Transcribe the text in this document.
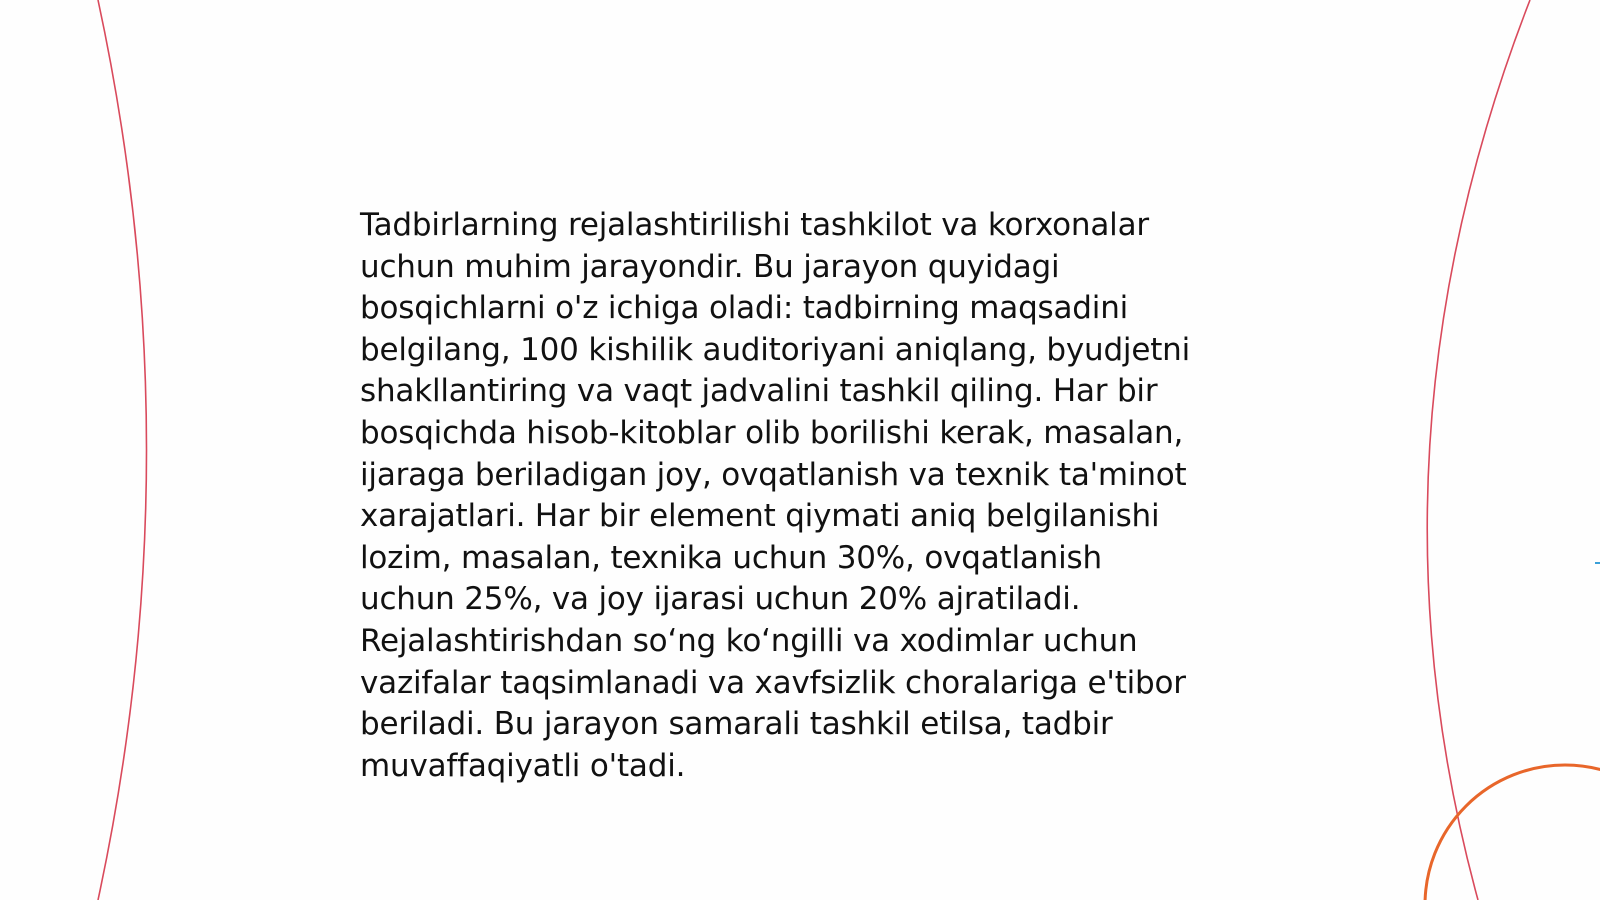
Tadbirlarning rejalashtirilishi tashkilot va korxonalar
uchun muhim jarayondir. Bu jarayon quyidagi
bosqichlarni o'z ichiga oladi: tadbirning maqsadini
belgilang, 100 kishilik auditoriyani aniqlang, byudjetni
shakllantiring va vaqt jadvalini tashkil qiling. Har bir
bosqichda hisob-kitoblar olib borilishi kerak, masalan,
ijaraga beriladigan joy, ovqatlanish va texnik ta'minot
xarajatlari. Har bir element qiymati aniq belgilanishi
lozim, masalan, texnika uchun 30%, ovqatlanish
uchun 25%, va joy ijarasi uchun 20% ajratiladi.
Rejalashtirishdan so‘ng ko‘ngilli va xodimlar uchun
vazifalar taqsimlanadi va xavfsizlik choralariga e'tibor
beriladi. Bu jarayon samarali tashkil etilsa, tadbir
muvaffaqiyatli o'tadi.
